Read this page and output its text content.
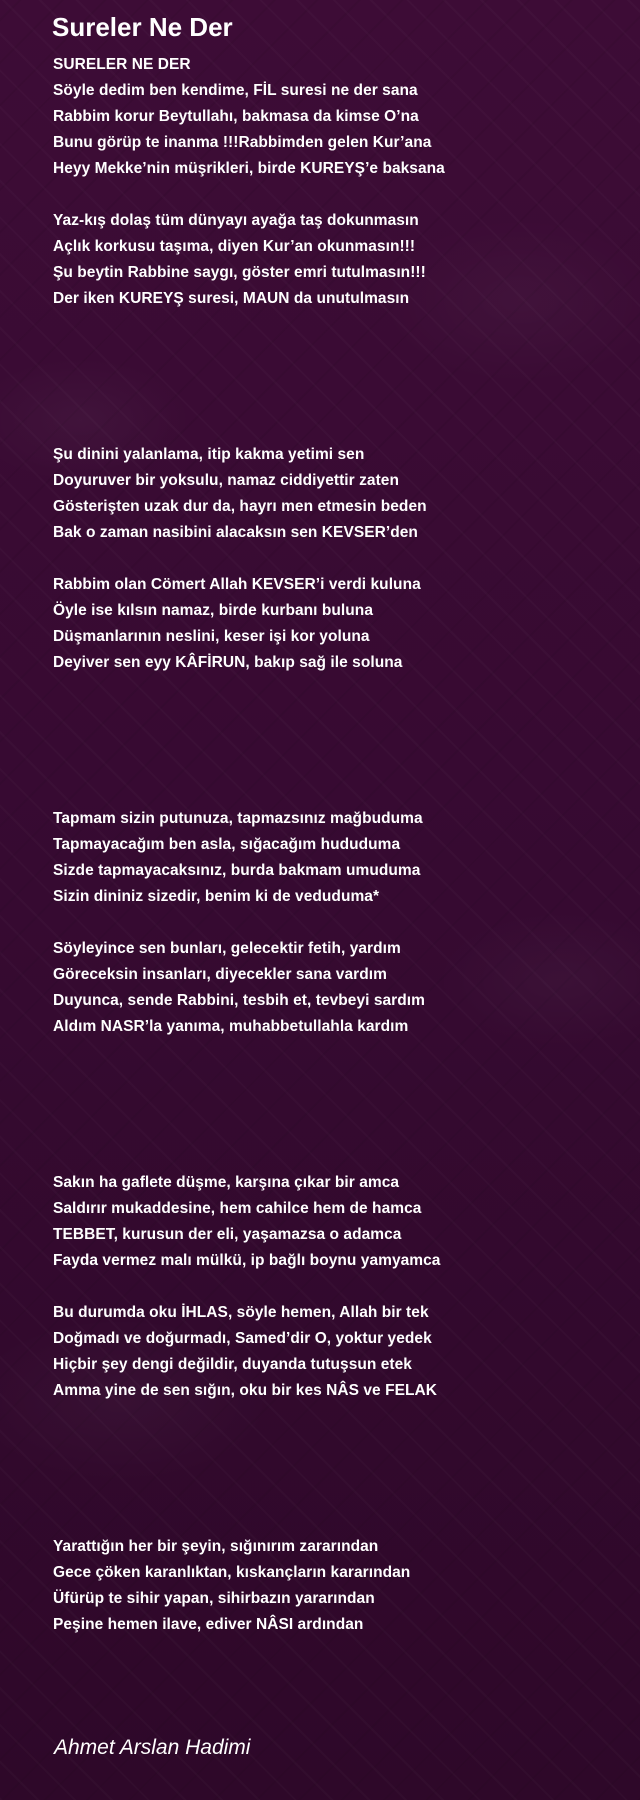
Sureler Ne Der
SURELER NE DER
Söyle dedim ben kendime, FİL suresi ne der sana
Rabbim korur Beytullahı, bakmasa da kimse O’na
Bunu görüp te inanma !!!Rabbimden gelen Kur’ana
Heyy Mekke’nin müşrikleri, birde KUREYŞ’e baksana
Yaz-kış dolaş tüm dünyayı ayağa taş dokunmasın
Açlık korkusu taşıma, diyen Kur’an okunmasın!!!
Şu beytin Rabbine saygı, göster emri tutulmasın!!!
Der iken KUREYŞ suresi, MAUN da unutulmasın
Şu dinini yalanlama, itip kakma yetimi sen
Doyuruver bir yoksulu, namaz ciddiyettir zaten
Gösterişten uzak dur da, hayrı men etmesin beden
Bak o zaman nasibini alacaksın sen KEVSER’den
Rabbim olan Cömert Allah KEVSER’i verdi kuluna
Öyle ise kılsın namaz, birde kurbanı buluna
Düşmanlarının neslini, keser işi kor yoluna
Deyiver sen eyy KÂFİRUN, bakıp sağ ile soluna
Tapmam sizin putunuza, tapmazsınız mağbuduma
Tapmayacağım ben asla, sığacağım hududuma
Sizde tapmayacaksınız, burda bakmam umuduma
Sizin dininiz sizedir, benim ki de veduduma*
Söyleyince sen bunları, gelecektir fetih, yardım
Göreceksin insanları, diyecekler sana vardım
Duyunca, sende Rabbini, tesbih et, tevbeyi sardım
Aldım NASR’la yanıma, muhabbetullahla kardım
Sakın ha gaflete düşme, karşına çıkar bir amca
Saldırır mukaddesine, hem cahilce hem de hamca
TEBBET, kurusun der eli, yaşamazsa o adamca
Fayda vermez malı mülkü, ip bağlı boynu yamyamca
Bu durumda oku İHLAS, söyle hemen, Allah bir tek
Doğmadı ve doğurmadı, Samed’dir O, yoktur yedek
Hiçbir şey dengi değildir, duyanda tutuşsun etek
Amma yine de sen sığın, oku bir kes NÂS ve FELAK
Yarattığın her bir şeyin, sığınırım zararından
Gece çöken karanlıktan, kıskançların kararından
Üfürüp te sihir yapan, sihirbazın yararından
Peşine hemen ilave, ediver NÂSI ardından

Ahmet Arslan Hadimi
